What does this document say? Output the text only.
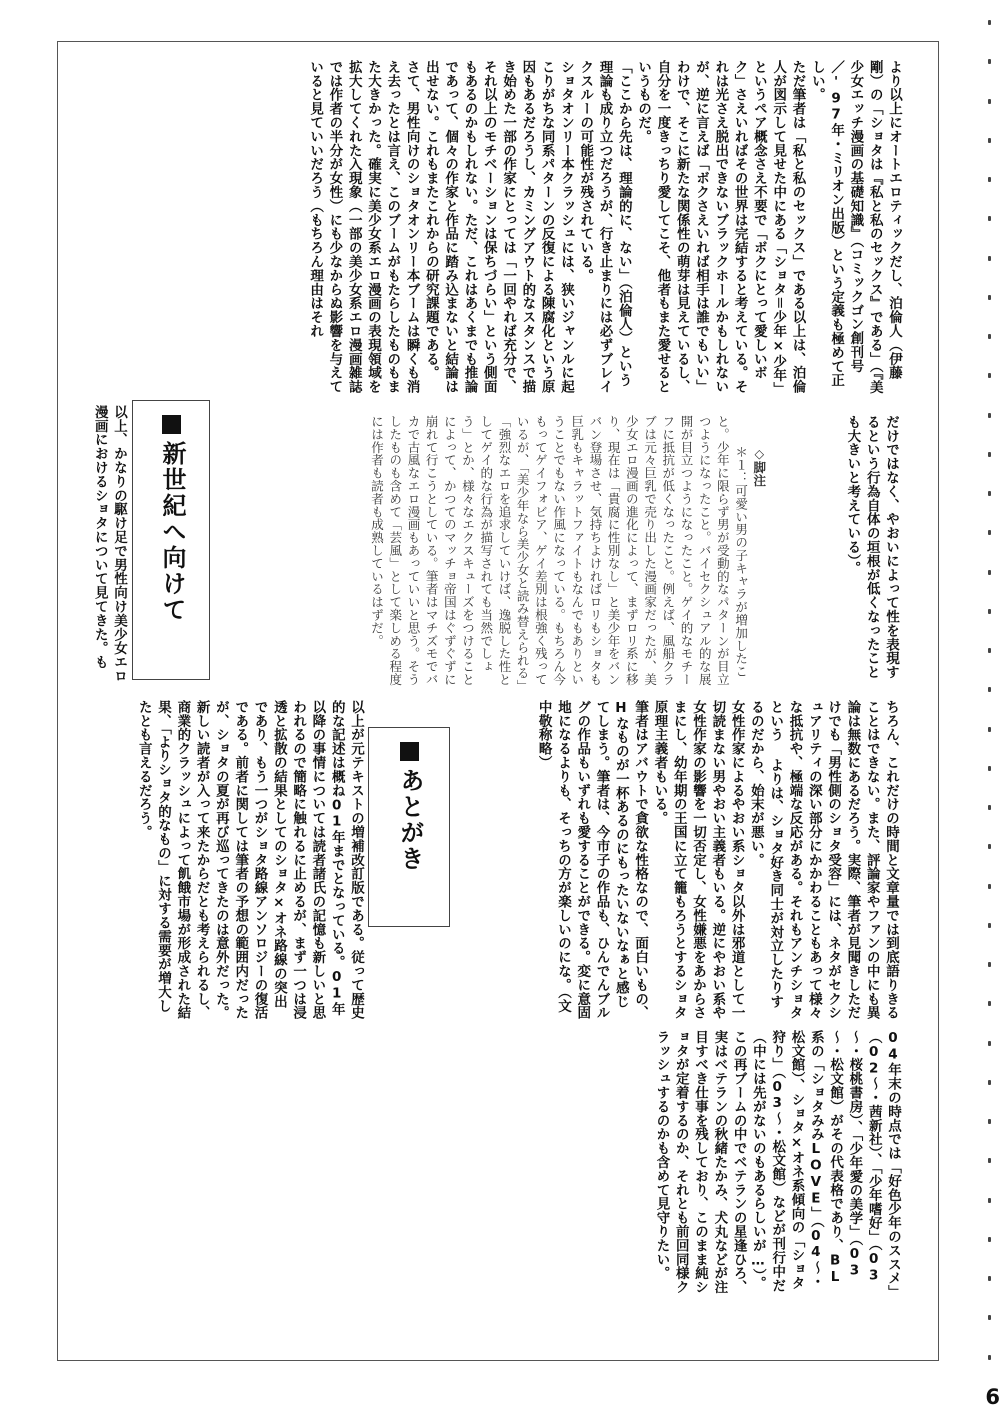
より以上にオートエロティックだし、泊倫人（伊藤剛）の「ショタは『私と私のセックス』である」（『美少女エッチ漫画の基礎知識』（コミックゴン創刊号／'97年・ミリオン出版）という定義も極めて正しい。
ただ筆者は「私と私のセックス」である以上は、泊倫人が図示して見せた中にある「ショタ＝少年×少年」というペア概念さえ不要で「ボクにとって愛しいボク」さえいればその世界は完結すると考えている。それは光さえ脱出できないブラックホールかもしれないが、逆に言えば「ボクさえいれば相手は誰でもいい」わけで、そこに新たな関係性の萌芽は見えているし、自分を一度きっちり愛してこそ、他者もまた愛せるというものだ。
「ここから先は、理論的に、ない」（泊倫人）という理論も成り立つだろうが、行き止まりには必ずブレイクスルーの可能性が残されている。
ショタオンリー本クラッシュには、狭いジャンルに起こりがちな同系パターンの反復による陳腐化という原因もあるだろうし、カミングアウト的なスタンスで描き始めた一部の作家にとっては「一回やれば充分で、それ以上のモチベーションは保ちづらい」という側面もあるのかもしれない。ただ、これはあくまでも推論であって、個々の作家と作品に踏み込まないと結論は出せない。これもまたこれからの研究課題である。
さて、男性向けのショタオンリー本ブームは瞬くも消え去ったとは言え、このブームがもたらしたものもまた大きかった。確実に美少女系エロ漫画の表現領域を拡大してくれた入現象（一部の美少女系エロ漫画雑誌では作者の半分が女性）にも少なからぬ影響を与えていると見ていいだろう（もちろん理由はそれ
だけではなく、やおいによって性を表現するという行為自体の垣根が低くなったことも大きいと考えている）。

◇脚注
＊１：可愛い男の子キャラが増加したこと。少年に限らず男が受動的なパターンが目立つようになったこと。バイセクシュアル的な展開が目立つようになったこと。ゲイ的なモチーフに抵抗が低くなったこと。例えば、風船クラブは元々巨乳で売り出した漫画家だったが、美少女エロ漫画の進化によって、まずロリ系に移り、現在は「貴腐に性別なし」と美少年をバンバン登場させ、気持ちよければロリもショタも巨乳もキャラットファイトもなんでもありということでもない作風になっている。もちろん今もってゲイフォビア、ゲイ差別は根強く残っているが、「美少年なら美少女と読み替えられる」「強烈なエロを追求していけば、逸脱した性としてゲイ的な行為が描写されても当然でしょう」とか、様々なエクスキューズをつけることによって、かつてのマッチョ帝国はぐずぐずに崩れて行こうとしている。筆者はマチズモでバカで古風なエロ漫画もあっていいと思う。そうしたものも含めて「芸風」として楽しめる程度には作者も読者も成熟しているはずだ。

新世紀へ向けて
以上、かなりの駆け足で男性向け美少女エロ漫画におけるショタについて見てきた。も
ちろん、これだけの時間と文章量では到底語りきることはできない。また、評論家やファンの中にも異論は無数にあるだろう。実際、筆者が見聞きしただけでも「男性側のショタ受容」には、ネタがセクシュアリティの深い部分にかかわることもあって様々な抵抗や、極端な反応がある。それもアンチショタという よりは、ショタ好き同士が対立したりするのだから、始末が悪い。
女性作家によるやおい系ショタ以外は邪道として一切読まない男やおい主義者もいる。逆にやおい系や女性作家の影響を一切否定し、女性嫌悪をあからさまにし、幼年期の王国に立て籠もろうとするショタ原理主義者もいる。
筆者はアバウトで貪欲な性格なので、面白いもの、Hなものが一杯あるのにもったいないなぁと感じてしまう。筆者は、今市子の作品も、ひんでんブルグの作品もいずれも愛することができる。変に意固地になるよりも、そっちの方が楽しいのにな。（文中敬称略）
あとがき
以上が元テキストの増補改訂版である。従って歴史的な記述は概ね01年までとなっている。01年以降の事情については読者諸氏の記憶も新しいと思われるので簡略に触れるに止めるが、まず一つは浸透と拡散の結果としてのショタ×オネ路線の突出であり、もう一つがショタ路線アンソロジーの復活である。前者に関しては筆者の予想の範囲内だったが、ショタの夏が再び巡ってきたのは意外だった。新しい読者が入って来たからだとも考えられるし、商業的クラッシュによって飢餓市場が形成された結果、「よりショタ的なもの」に対する需要が増大したとも言えるだろう。
04年末の時点では「好色少年のススメ」（02～・茜新社）、「少年嗜好」（03～・桜桃書房）、「少年愛の美学」（03～・松文館）がその代表格であり、BL系の「ショタみみLOVE」（04～・松文館）、ショタ×オネ系傾向の「ショタ狩り」（03～・松文館）などが刊行中だ（中には先がないのもあるらしいが…）。
この再ブームの中でベテランの星逢ひろ、実はベテランの秋緒たかみ、犬丸などが注目すべき仕事を残しており、このまま純ショタが定着するのか、それとも前回同様クラッシュするのかも含めて見守りたい。
6
